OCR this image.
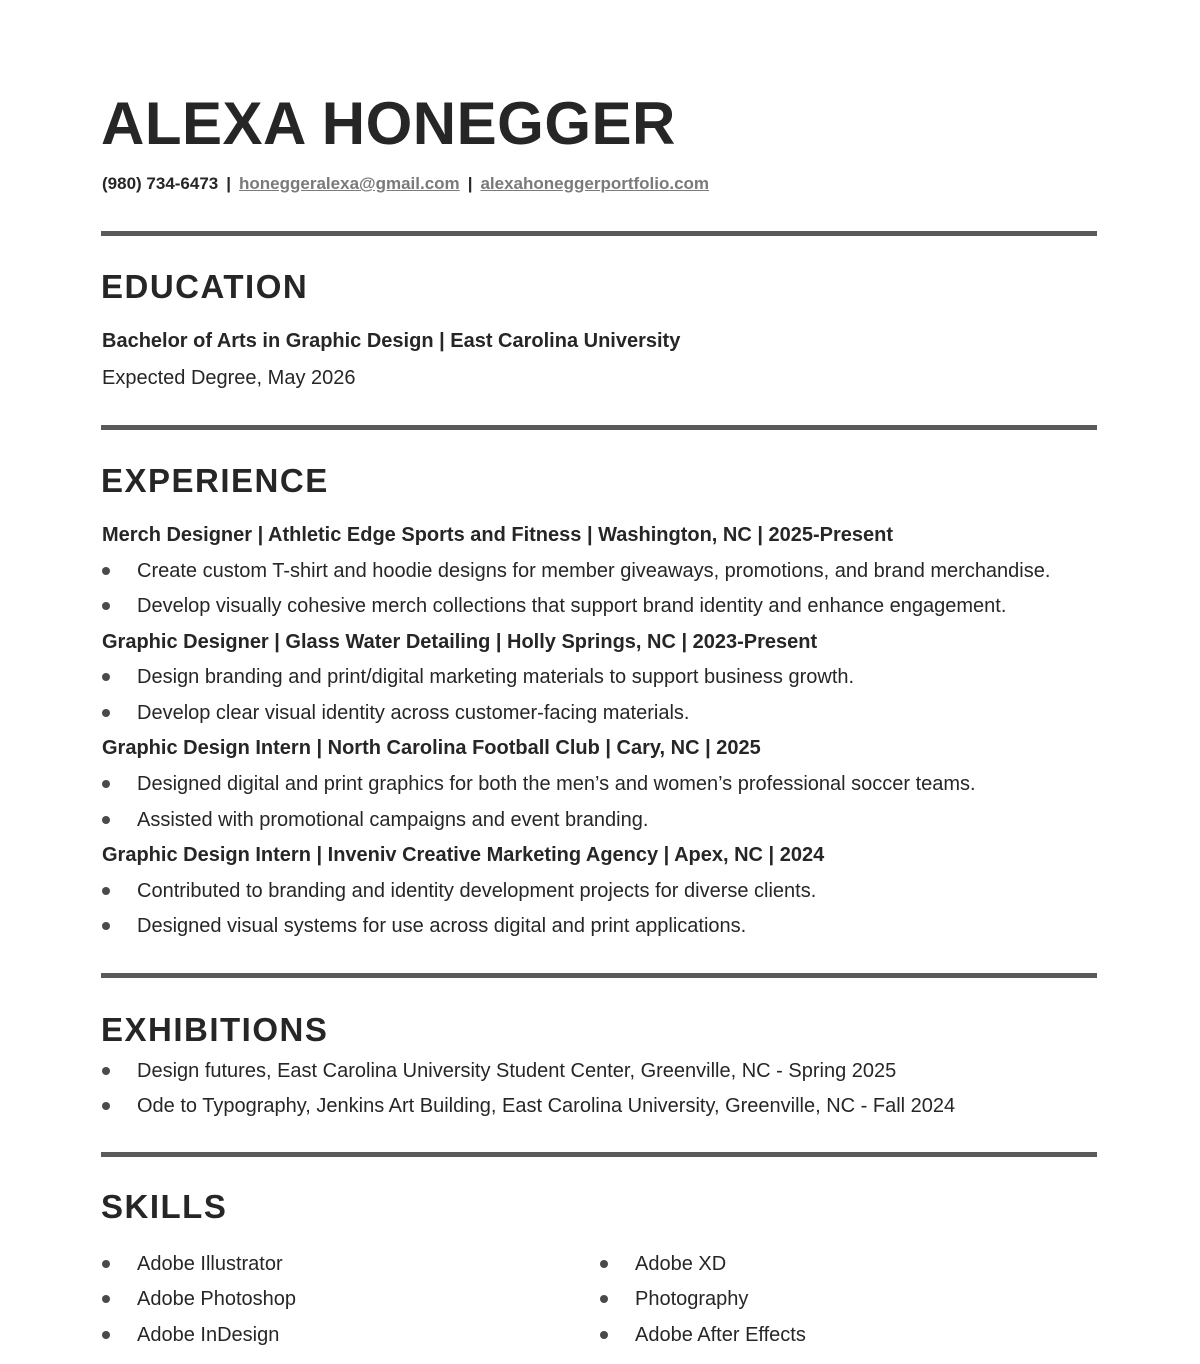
ALEXA HONEGGER
(980) 734-6473 | honeggeralexa@gmail.com | alexahoneggerportfolio.com
EDUCATION
Bachelor of Arts in Graphic Design | East Carolina University
Expected Degree, May 2026
EXPERIENCE
Merch Designer | Athletic Edge Sports and Fitness | Washington, NC | 2025-Present
Create custom T-shirt and hoodie designs for member giveaways, promotions, and brand merchandise.
Develop visually cohesive merch collections that support brand identity and enhance engagement.
Graphic Designer | Glass Water Detailing | Holly Springs, NC | 2023-Present
Design branding and print/digital marketing materials to support business growth.
Develop clear visual identity across customer-facing materials.
Graphic Design Intern | North Carolina Football Club | Cary, NC | 2025
Designed digital and print graphics for both the men’s and women’s professional soccer teams.
Assisted with promotional campaigns and event branding.
Graphic Design Intern | Inveniv Creative Marketing Agency | Apex, NC | 2024
Contributed to branding and identity development projects for diverse clients.
Designed visual systems for use across digital and print applications.
EXHIBITIONS
Design futures, East Carolina University Student Center, Greenville, NC - Spring 2025
Ode to Typography, Jenkins Art Building, East Carolina University, Greenville, NC - Fall 2024
SKILLS
Adobe Illustrator
Adobe Photoshop
Adobe InDesign
Adobe XD
Photography
Adobe After Effects
